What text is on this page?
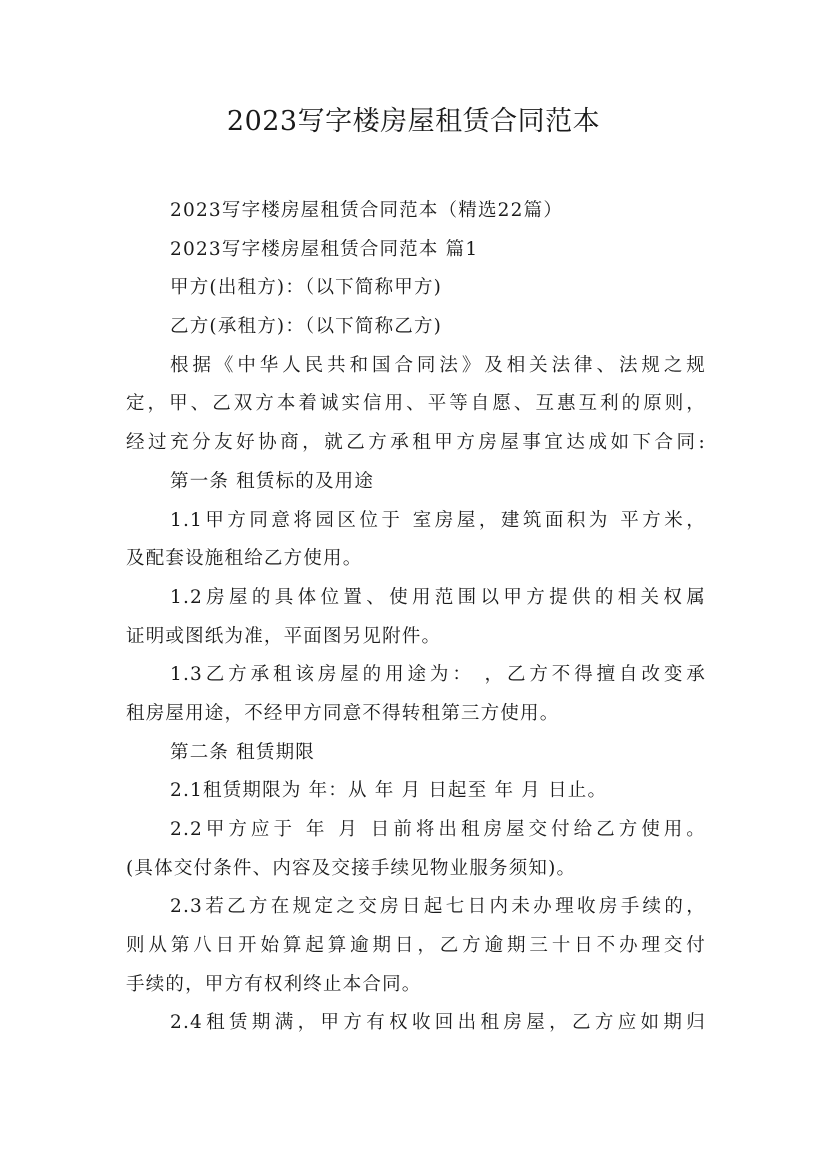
2023写字楼房屋租赁合同范本

2023写字楼房屋租赁合同范本（精选22篇）

2023写字楼房屋租赁合同范本 篇1

甲方(出租方)：（以下简称甲方)

乙方(承租方)：（以下简称乙方)

根据《中华人民共和国合同法》及相关法律、法规之规

定，甲、乙双方本着诚实信用、平等自愿、互惠互利的原则，

经过充分友好协商，就乙方承租甲方房屋事宜达成如下合同:

第一条 租赁标的及用途

1.1甲方同意将园区位于 室房屋，建筑面积为 平方米，

及配套设施租给乙方使用。

1.2房屋的具体位置、使用范围以甲方提供的相关权属

证明或图纸为准，平面图另见附件。

1.3乙方承租该房屋的用途为： ，乙方不得擅自改变承

租房屋用途，不经甲方同意不得转租第三方使用。

第二条 租赁期限

2.1租赁期限为 年：从 年 月 日起至 年 月 日止。

2.2甲方应于 年 月 日前将出租房屋交付给乙方使用。

(具体交付条件、内容及交接手续见物业服务须知)。

2.3若乙方在规定之交房日起七日内未办理收房手续的，

则从第八日开始算起算逾期日，乙方逾期三十日不办理交付

手续的，甲方有权利终止本合同。

2.4租赁期满，甲方有权收回出租房屋，乙方应如期归
